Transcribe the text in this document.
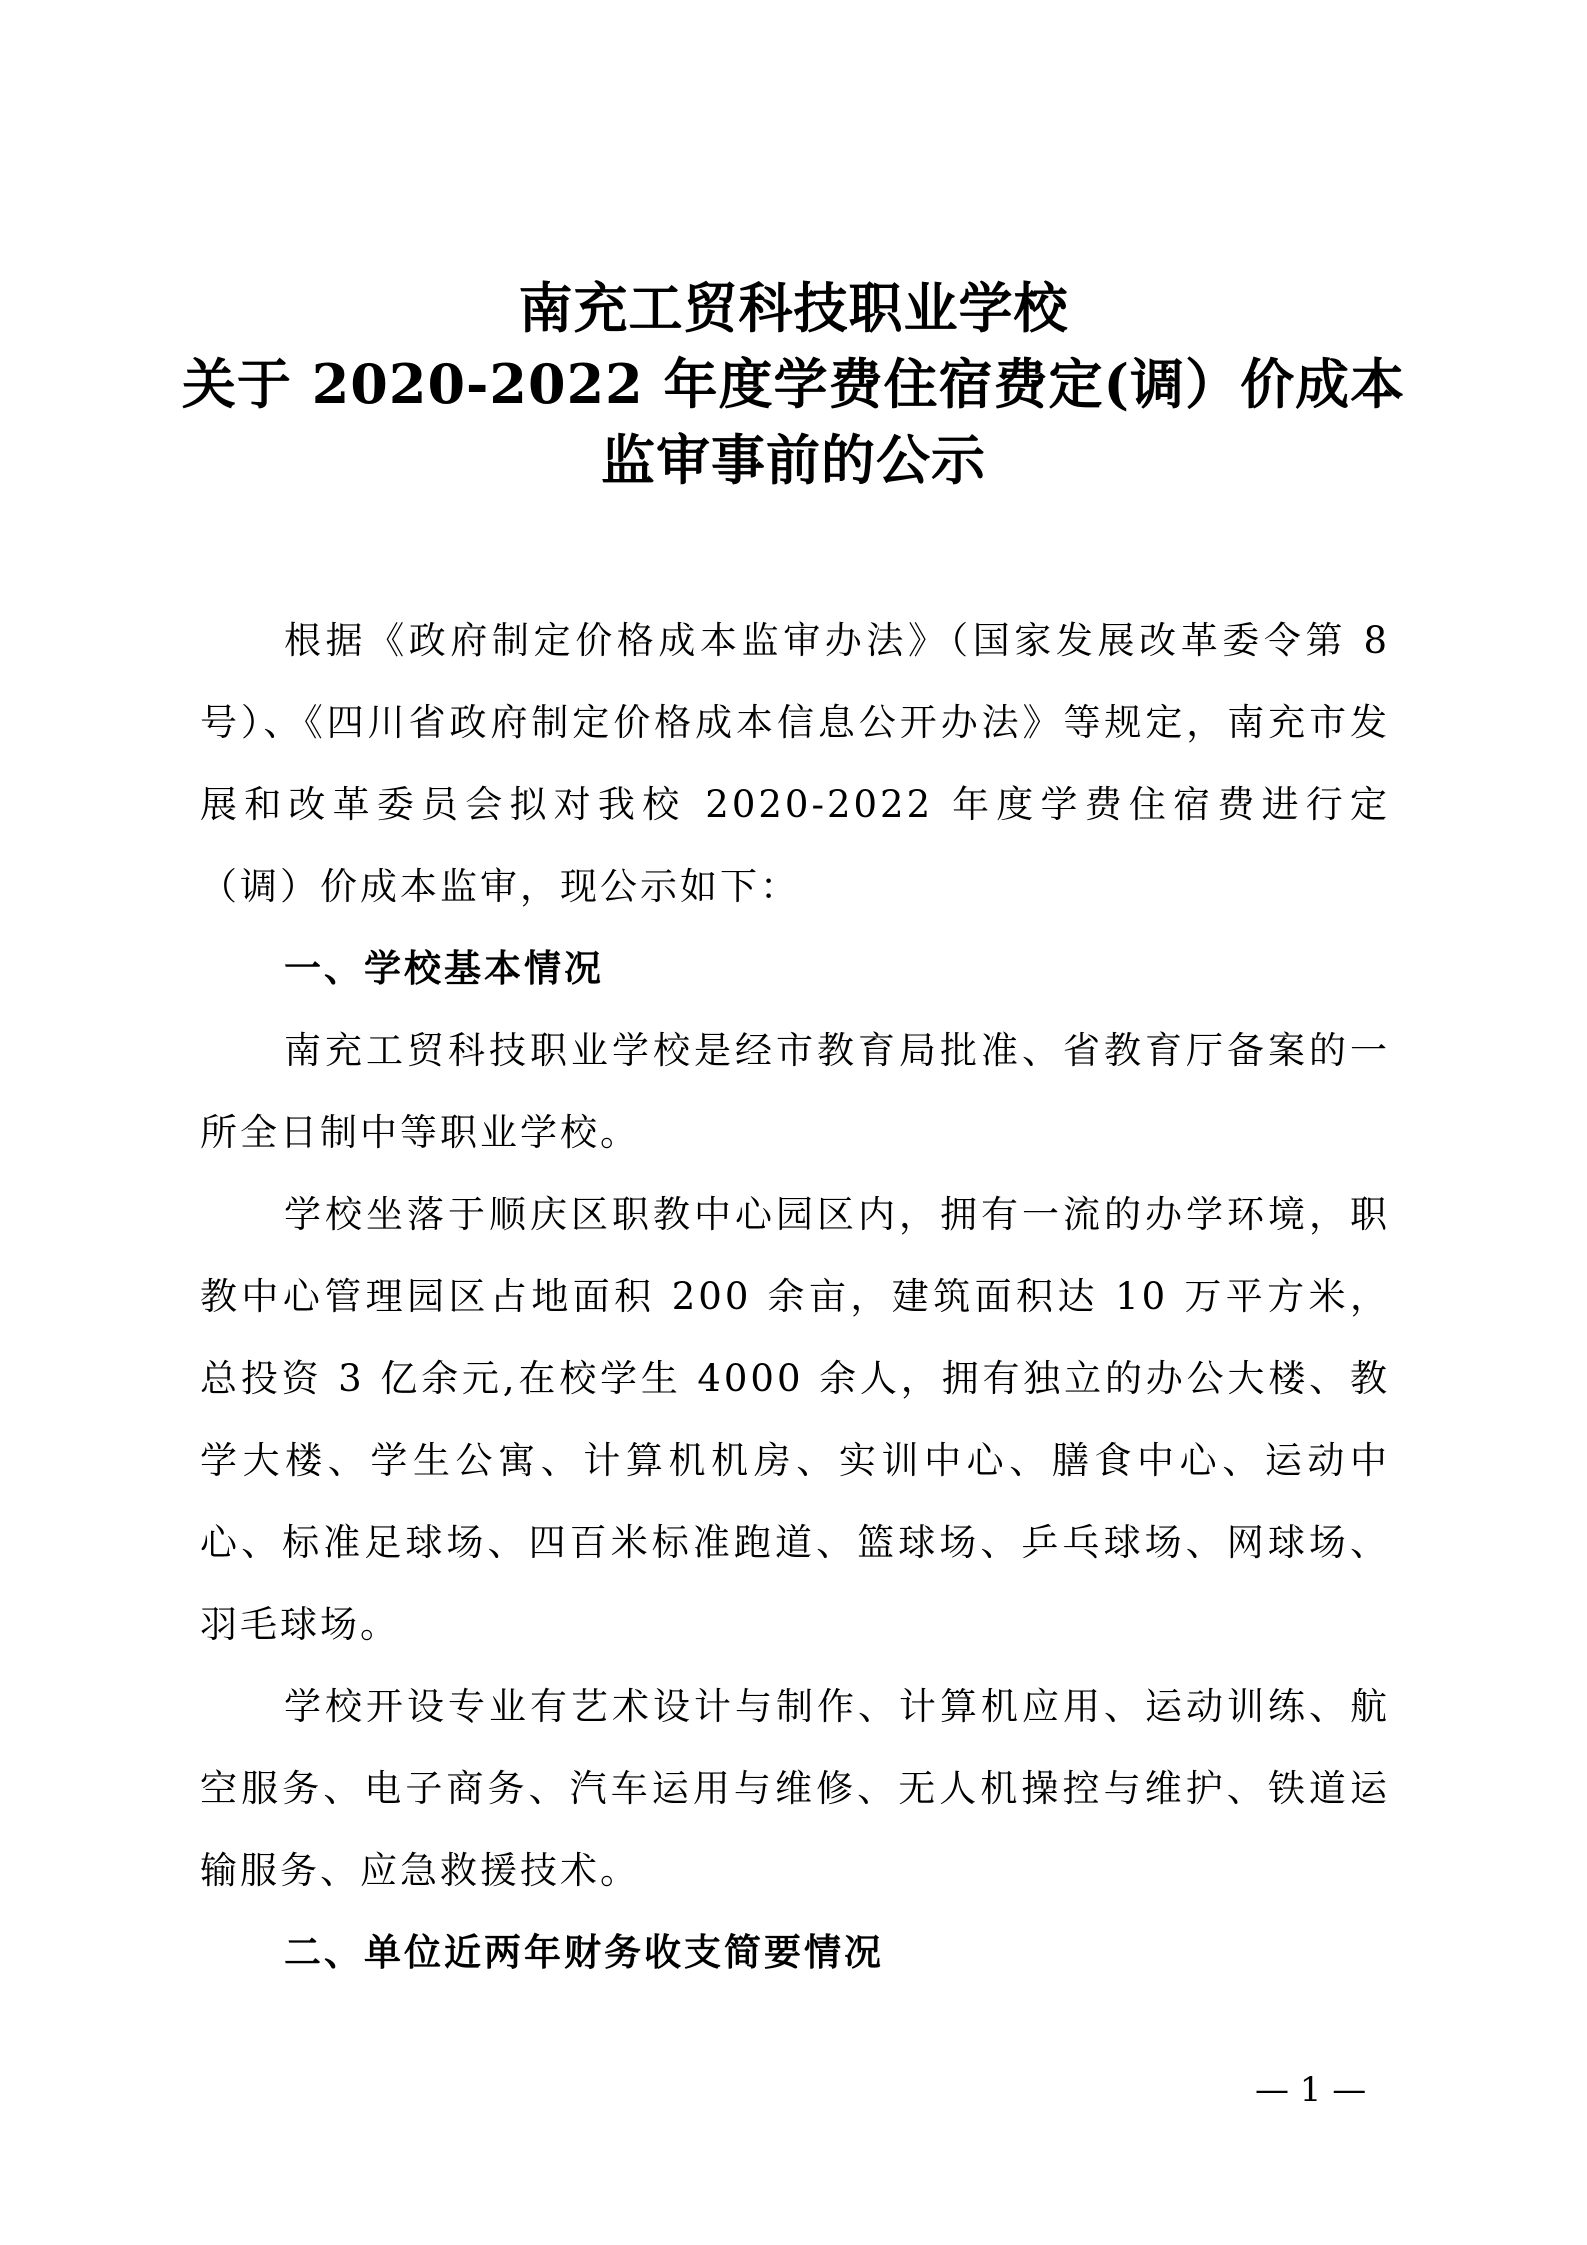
南充工贸科技职业学校
关于 2020-2022 年度学费住宿费定(调）价成本
监审事前的公示

根据《政府制定价格成本监审办法》（国家发展改革委令第 8 号）、《四川省政府制定价格成本信息公开办法》等规定，南充市发展和改革委员会拟对我校 2020-2022 年度学费住宿费进行定（调）价成本监审，现公示如下：

一、学校基本情况

南充工贸科技职业学校是经市教育局批准、省教育厅备案的一所全日制中等职业学校。

学校坐落于顺庆区职教中心园区内，拥有一流的办学环境，职教中心管理园区占地面积 200 余亩，建筑面积达 10 万平方米，总投资 3 亿余元,在校学生 4000 余人，拥有独立的办公大楼、教学大楼、学生公寓、计算机机房、实训中心、膳食中心、运动中心、标准足球场、四百米标准跑道、篮球场、乒乓球场、网球场、羽毛球场。

学校开设专业有艺术设计与制作、计算机应用、运动训练、航空服务、电子商务、汽车运用与维修、无人机操控与维护、铁道运输服务、应急救援技术。

二、单位近两年财务收支简要情况
— 1 —
